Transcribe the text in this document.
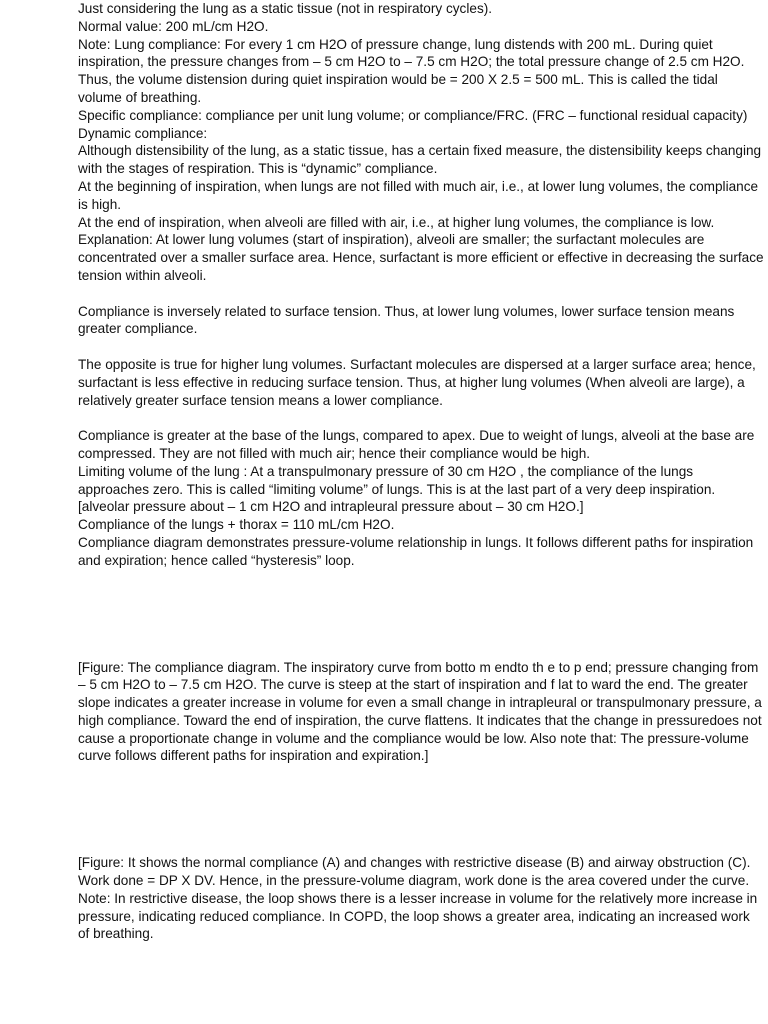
Just considering the lung as a static tissue (not in respiratory cycles).

Normal value: 200 mL/cm H2O.

Note: Lung compliance: For every 1 cm H2O of pressure change, lung distends with 200 mL. During quiet inspiration, the pressure changes from – 5 cm H2O to – 7.5 cm H2O; the total pressure change of 2.5 cm H2O. Thus, the volume distension during quiet inspiration would be = 200 X 2.5 = 500 mL. This is called the tidal volume of breathing.

Specific compliance: compliance per unit lung volume; or compliance/FRC. (FRC – functional residual capacity)

Dynamic compliance:

Although distensibility of the lung, as a static tissue, has a certain fixed measure, the distensibility keeps changing with the stages of respiration. This is “dynamic” compliance.

At the beginning of inspiration, when lungs are not filled with much air, i.e., at lower lung volumes, the compliance is high.

At the end of inspiration, when alveoli are filled with air, i.e., at higher lung volumes, the compliance is low.

Explanation: At lower lung volumes (start of inspiration), alveoli are smaller; the surfactant molecules are concentrated over a smaller surface area. Hence, surfactant is more efficient or effective in decreasing the surface tension within alveoli.

Compliance is inversely related to surface tension. Thus, at lower lung volumes, lower surface tension means greater compliance.

The opposite is true for higher lung volumes. Surfactant molecules are dispersed at a larger surface area; hence, surfactant is less effective in reducing surface tension. Thus, at higher lung volumes (When alveoli are large), a relatively greater surface tension means a lower compliance.

Compliance is greater at the base of the lungs, compared to apex. Due to weight of lungs, alveoli at the base are compressed. They are not filled with much air; hence their compliance would be high.

Limiting volume of the lung : At a transpulmonary pressure of 30 cm H2O , the compliance of the lungs approaches zero. This is called “limiting volume” of lungs. This is at the last part of a very deep inspiration. [alveolar pressure about – 1 cm H2O and intrapleural pressure about – 30 cm H2O.]

Compliance of the lungs + thorax = 110 mL/cm H2O.

Compliance diagram demonstrates pressure-volume relationship in lungs. It follows different paths for inspiration and expiration; hence called “hysteresis” loop.

[Figure: The compliance diagram. The inspiratory curve from botto m endto th e to p end; pressure changing from – 5 cm H2O to – 7.5 cm H2O. The curve is steep at the start of inspiration and f lat to ward the end. The greater slope indicates a greater increase in volume for even a small change in intrapleural or transpulmonary pressure, a high compliance. Toward the end of inspiration, the curve flattens. It indicates that the change in pressuredoes not cause a proportionate change in volume and the compliance would be low. Also note that: The pressure-volume curve follows different paths for inspiration and expiration.]

[Figure: It shows the normal compliance (A) and changes with restrictive disease (B) and airway obstruction (C). Work done = DP X DV. Hence, in the pressure-volume diagram, work done is the area covered under the curve. Note: In restrictive disease, the loop shows there is a lesser increase in volume for the relatively more increase in pressure, indicating reduced compliance. In COPD, the loop shows a greater area, indicating an increased work of breathing.
